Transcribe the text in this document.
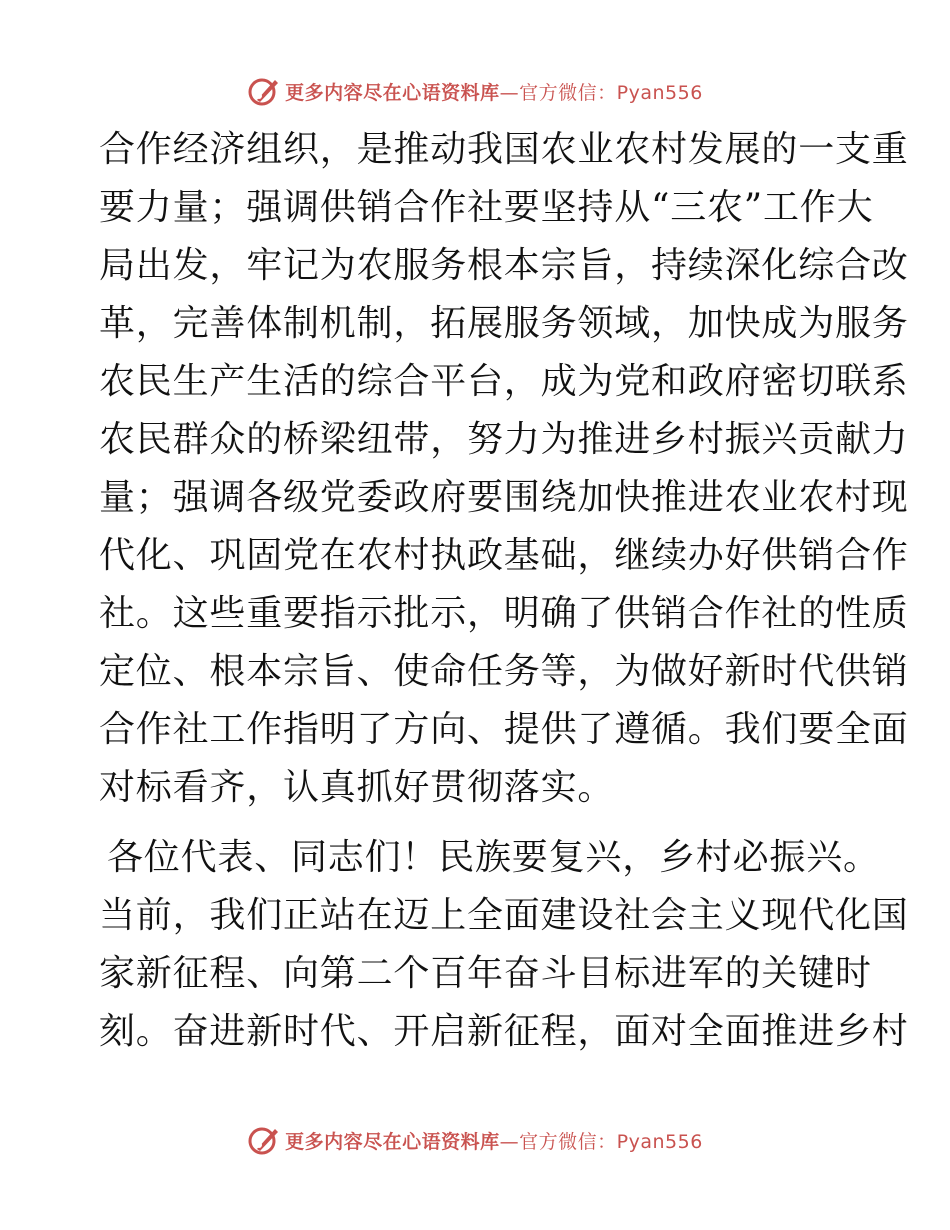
更多内容尽在心语资料库—官方微信：Pyan556
合作经济组织，是推动我国农业农村发展的一支重
要力量；强调供销合作社要坚持从“三农”工作大
局出发，牢记为农服务根本宗旨，持续深化综合改
革，完善体制机制，拓展服务领域，加快成为服务
农民生产生活的综合平台，成为党和政府密切联系
农民群众的桥梁纽带，努力为推进乡村振兴贡献力
量；强调各级党委政府要围绕加快推进农业农村现
代化、巩固党在农村执政基础，继续办好供销合作
社。这些重要指示批示，明确了供销合作社的性质
定位、根本宗旨、使命任务等，为做好新时代供销
合作社工作指明了方向、提供了遵循。我们要全面
对标看齐，认真抓好贯彻落实。
各位代表、同志们！民族要复兴，乡村必振兴。
当前，我们正站在迈上全面建设社会主义现代化国
家新征程、向第二个百年奋斗目标进军的关键时
刻。奋进新时代、开启新征程，面对全面推进乡村
更多内容尽在心语资料库—官方微信：Pyan556
